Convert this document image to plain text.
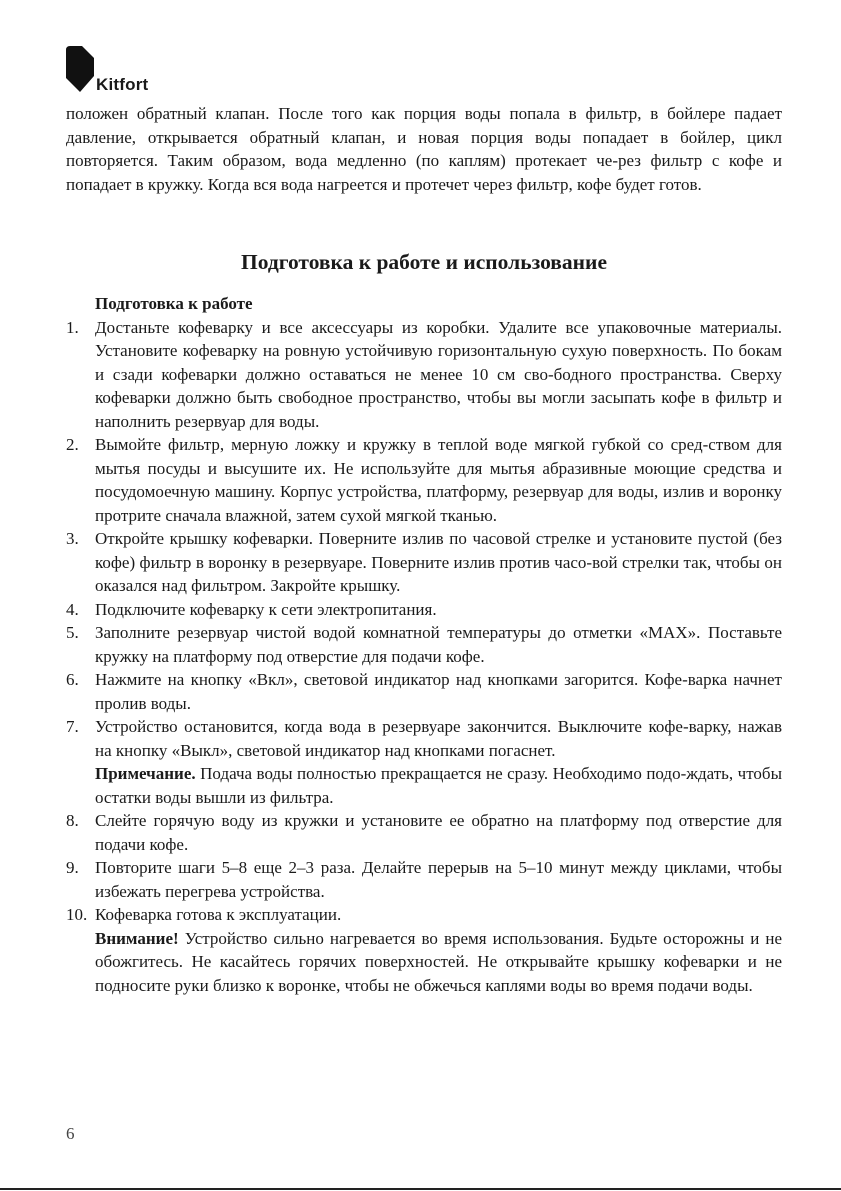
Kitfort

положен обратный клапан. После того как порция воды попала в фильтр, в бойлере падает давление, открывается обратный клапан, и новая порция воды попадает в бойлер, цикл повторяется. Таким образом, вода медленно (по каплям) протекает че-рез фильтр с кофе и попадает в кружку. Когда вся вода нагреется и протечет через фильтр, кофе будет готов.

Подготовка к работе и использование
Подготовка к работе
1. Достаньте кофеварку и все аксессуары из коробки. Удалите все упаковочные материалы. Установите кофеварку на ровную устойчивую горизонтальную сухую поверхность. По бокам и сзади кофеварки должно оставаться не менее 10 см сво-бодного пространства. Сверху кофеварки должно быть свободное пространство, чтобы вы могли засыпать кофе в фильтр и наполнить резервуар для воды.

2. Вымойте фильтр, мерную ложку и кружку в теплой воде мягкой губкой со сред-ством для мытья посуды и высушите их. Не используйте для мытья абразивные моющие средства и посудомоечную машину. Корпус устройства, платформу, резервуар для воды, излив и воронку протрите сначала влажной, затем сухой мягкой тканью.

3. Откройте крышку кофеварки. Поверните излив по часовой стрелке и установите пустой (без кофе) фильтр в воронку в резервуаре. Поверните излив против часо-вой стрелки так, чтобы он оказался над фильтром. Закройте крышку.

4. Подключите кофеварку к сети электропитания.

5. Заполните резервуар чистой водой комнатной температуры до отметки «MAX». Поставьте кружку на платформу под отверстие для подачи кофе.

6. Нажмите на кнопку «Вкл», световой индикатор над кнопками загорится. Кофе-варка начнет пролив воды.

7. Устройство остановится, когда вода в резервуаре закончится. Выключите кофе-варку, нажав на кнопку «Выкл», световой индикатор над кнопками погаснет.

Примечание. Подача воды полностью прекращается не сразу. Необходимо подо-ждать, чтобы остатки воды вышли из фильтра.

8. Слейте горячую воду из кружки и установите ее обратно на платформу под отверстие для подачи кофе.

9. Повторите шаги 5–8 еще 2–3 раза. Делайте перерыв на 5–10 минут между циклами, чтобы избежать перегрева устройства.

10. Кофеварка готова к эксплуатации.

Внимание! Устройство сильно нагревается во время использования. Будьте осторожны и не обожгитесь. Не касайтесь горячих поверхностей. Не открывайте крышку кофеварки и не подносите руки близко к воронке, чтобы не обжечься каплями воды во время подачи воды.

6
